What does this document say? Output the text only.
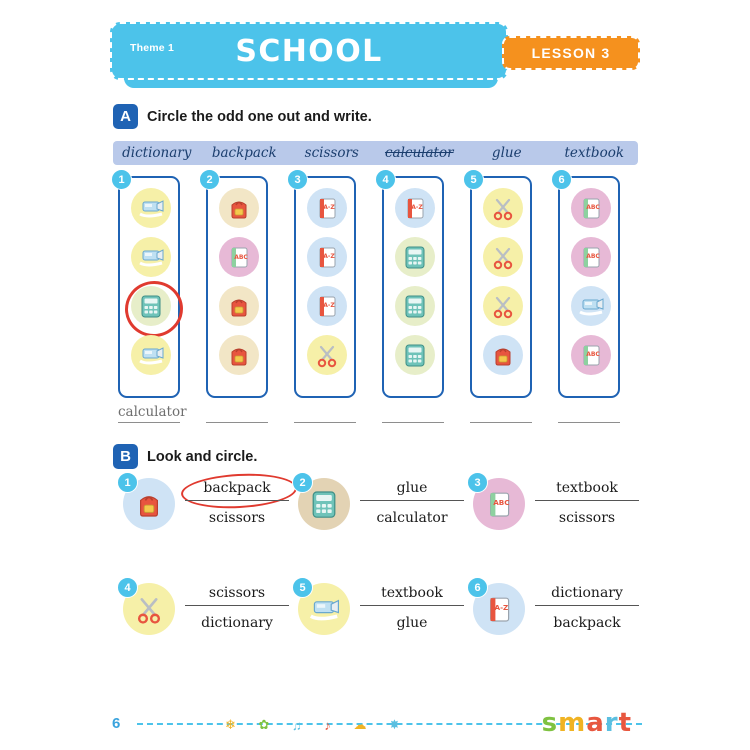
Theme 1	SCHOOL	LESSON 3
A	Circle the odd one out and write.
dictionary	backpack	scissors	calculator	glue	textbook
1
calculator
2
ABC
3
A-Z
A-Z
A-Z
4
A-Z
5	6
ABC
ABC
ABC
B	Look and circle.
1	backpack
scissors
2	glue
calculator
3
ABC
textbook
scissors
4	scissors
dictionary
5	textbook
glue
6
A-Z
dictionary
backpack
6	❄ ✿ ♫ ♪ ☁ ✸	smart
